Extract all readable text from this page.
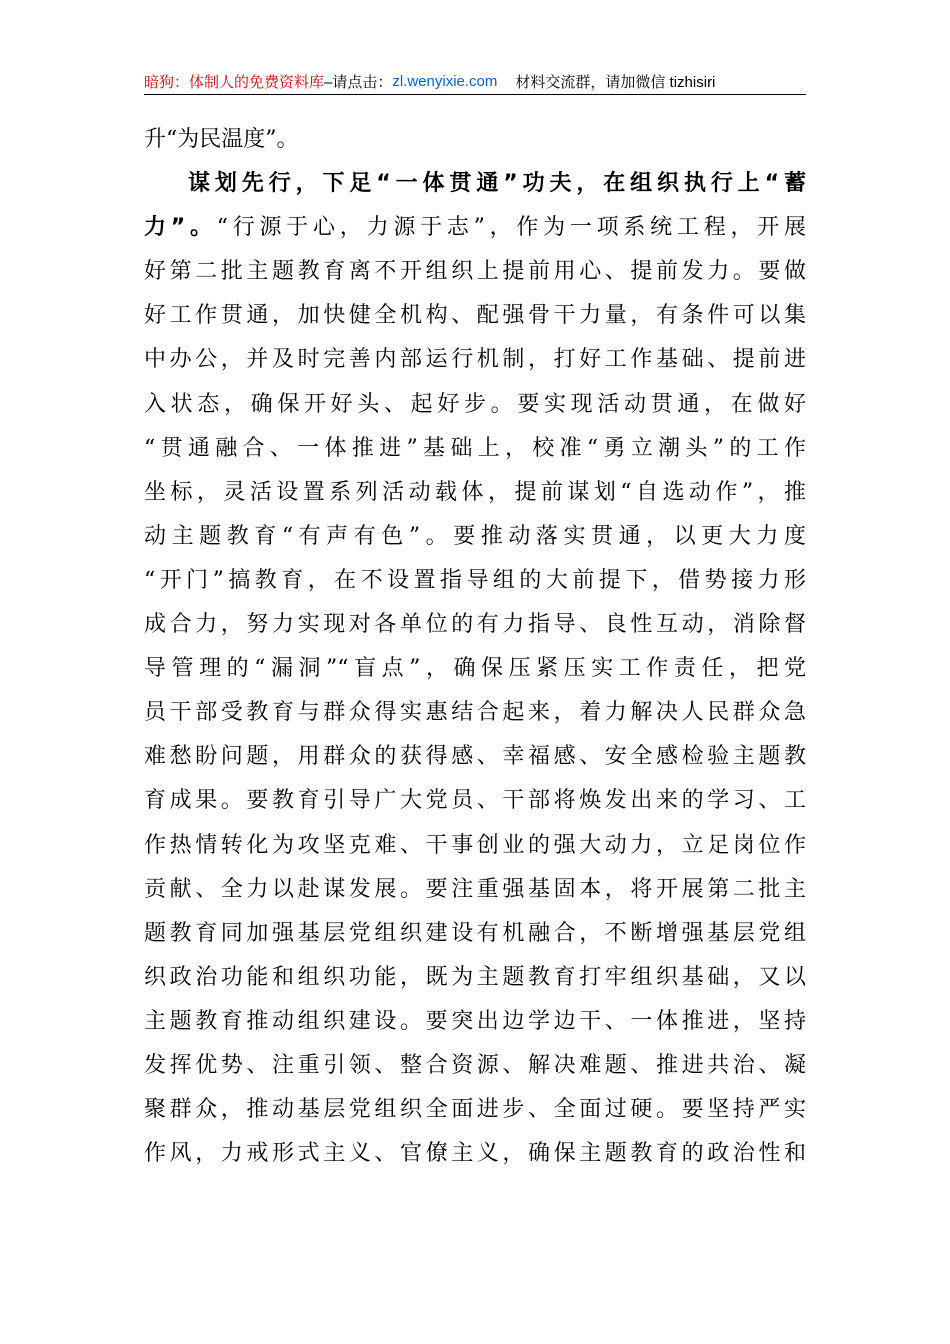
暗狗：体制人的免费资料库 –请点击： zl.wenyixie.com 材料交流群，请加微信 tizhisiri
升“为民温度”。
谋划先行，下足“一体贯通”功夫，在组织执行上“蓄
力”。“行源于心，力源于志”，作为一项系统工程，开展
好第二批主题教育离不开组织上提前用心、提前发力。要做
好工作贯通，加快健全机构、配强骨干力量，有条件可以集
中办公，并及时完善内部运行机制，打好工作基础、提前进
入状态，确保开好头、起好步。要实现活动贯通，在做好
“贯通融合、一体推进”基础上，校准“勇立潮头”的工作
坐标，灵活设置系列活动载体，提前谋划“自选动作”，推
动主题教育“有声有色”。要推动落实贯通，以更大力度
“开门”搞教育，在不设置指导组的大前提下，借势接力形
成合力，努力实现对各单位的有力指导、良性互动，消除督
导管理的“漏洞”“盲点”，确保压紧压实工作责任，把党
员干部受教育与群众得实惠结合起来，着力解决人民群众急
难愁盼问题，用群众的获得感、幸福感、安全感检验主题教
育成果。要教育引导广大党员、干部将焕发出来的学习、工
作热情转化为攻坚克难、干事创业的强大动力，立足岗位作
贡献、全力以赴谋发展。要注重强基固本，将开展第二批主
题教育同加强基层党组织建设有机融合，不断增强基层党组
织政治功能和组织功能，既为主题教育打牢组织基础，又以
主题教育推动组织建设。要突出边学边干、一体推进，坚持
发挥优势、注重引领、整合资源、解决难题、推进共治、凝
聚群众，推动基层党组织全面进步、全面过硬。要坚持严实
作风，力戒形式主义、官僚主义，确保主题教育的政治性和
